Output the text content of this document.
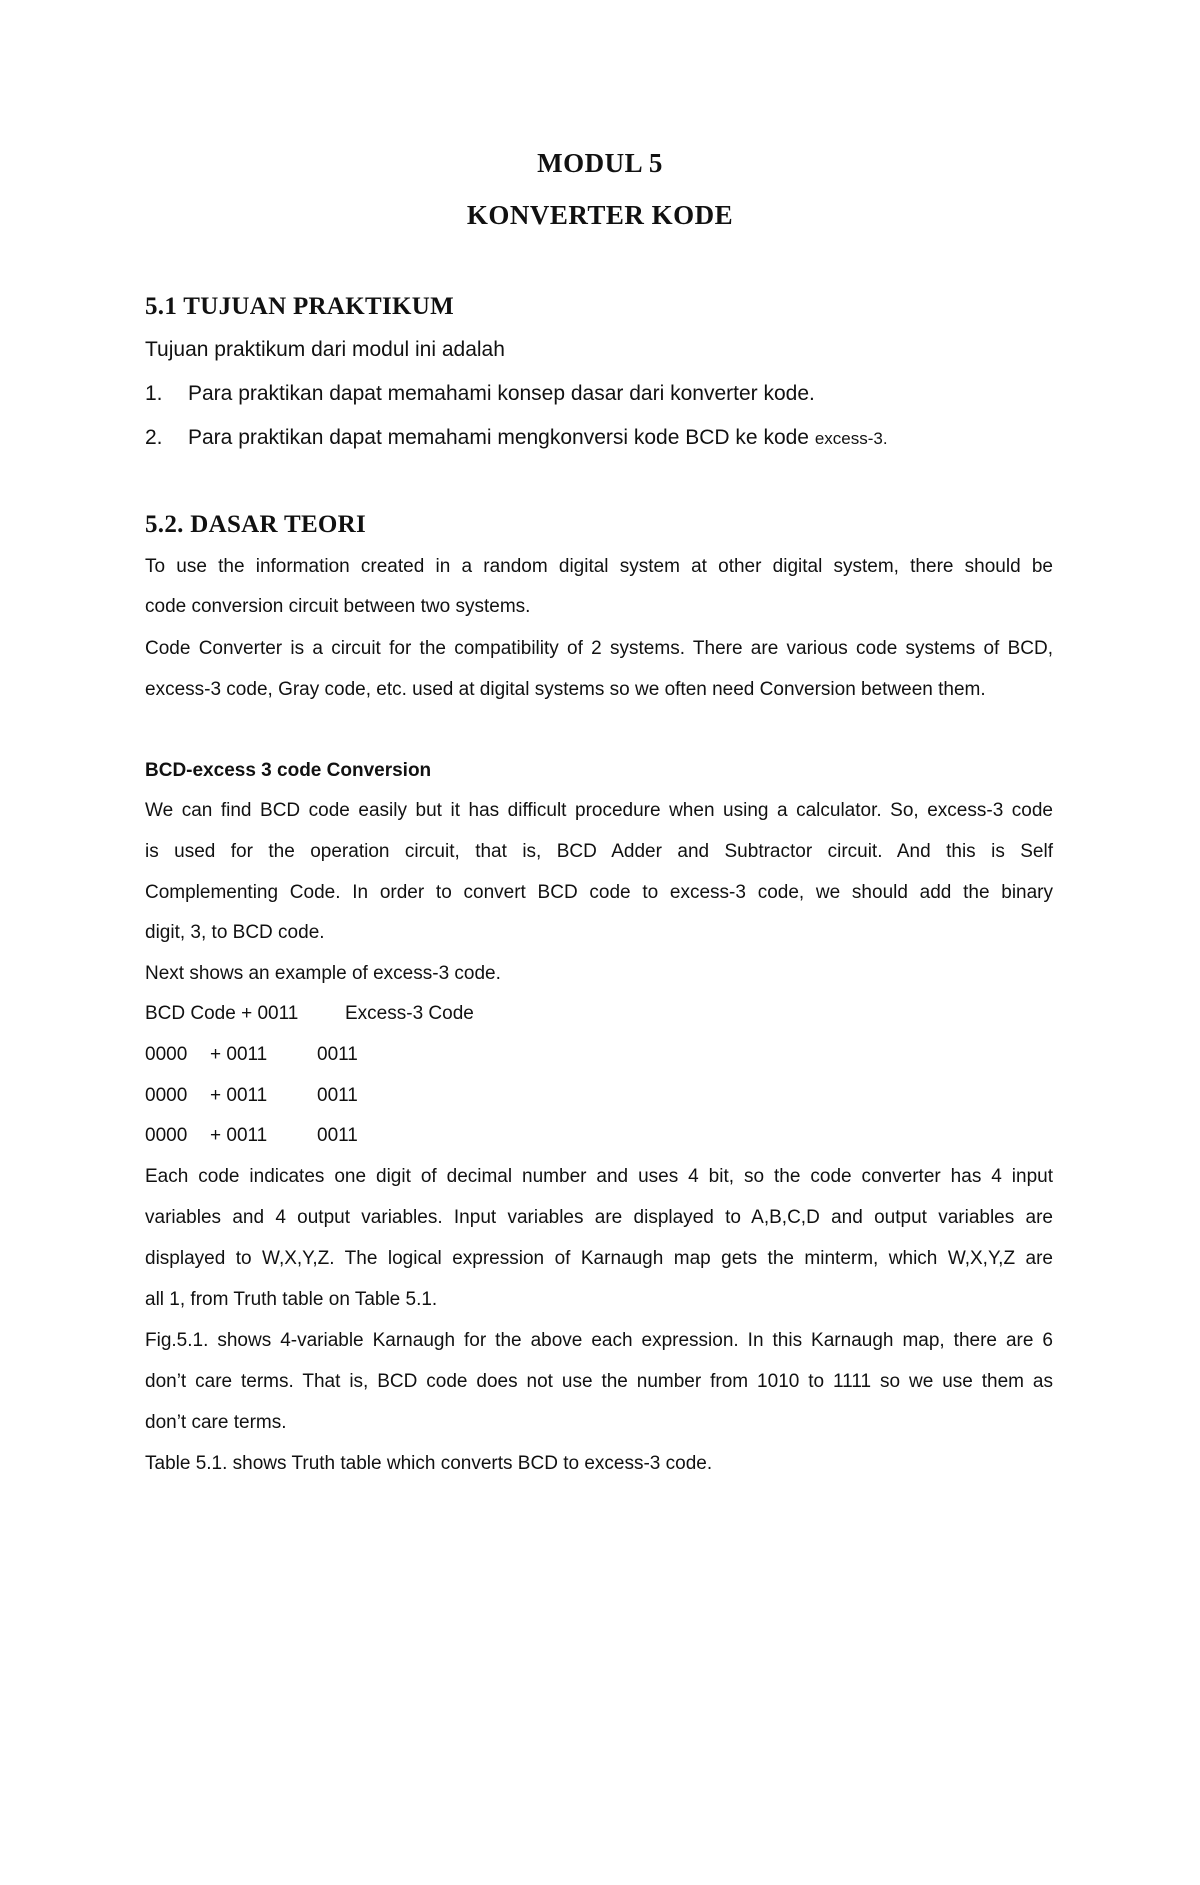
MODUL 5
KONVERTER KODE
5.1 TUJUAN PRAKTIKUM
Tujuan praktikum dari modul ini adalah
1. Para praktikan dapat memahami konsep dasar dari konverter kode.
2. Para praktikan dapat memahami mengkonversi kode BCD ke kode excess-3.
5.2. DASAR TEORI
To use the information created in a random digital system at other digital system, there should be
code conversion circuit between two systems.
Code Converter is a circuit for the compatibility of 2 systems. There are various code systems of BCD,
excess-3 code, Gray code, etc. used at digital systems so we often need Conversion between them.
BCD-excess 3 code Conversion
We can find BCD code easily but it has difficult procedure when using a calculator. So, excess-3 code
is used for the operation circuit, that is, BCD Adder and Subtractor circuit. And this is Self
Complementing Code. In order to convert BCD code to excess-3 code, we should add the binary
digit, 3, to BCD code.
Next shows an example of excess-3 code.
BCD Code + 0011 Excess-3 Code
0000 + 0011	0011
0000 + 0011	0011
0000 + 0011	0011
Each code indicates one digit of decimal number and uses 4 bit, so the code converter has 4 input
variables and 4 output variables. Input variables are displayed to A,B,C,D and output variables are
displayed to W,X,Y,Z. The logical expression of Karnaugh map gets the minterm, which W,X,Y,Z are
all 1, from Truth table on Table 5.1.
Fig.5.1. shows 4-variable Karnaugh for the above each expression. In this Karnaugh map, there are 6
don’t care terms. That is, BCD code does not use the number from 1010 to 1111 so we use them as
don’t care terms.
Table 5.1. shows Truth table which converts BCD to excess-3 code.
